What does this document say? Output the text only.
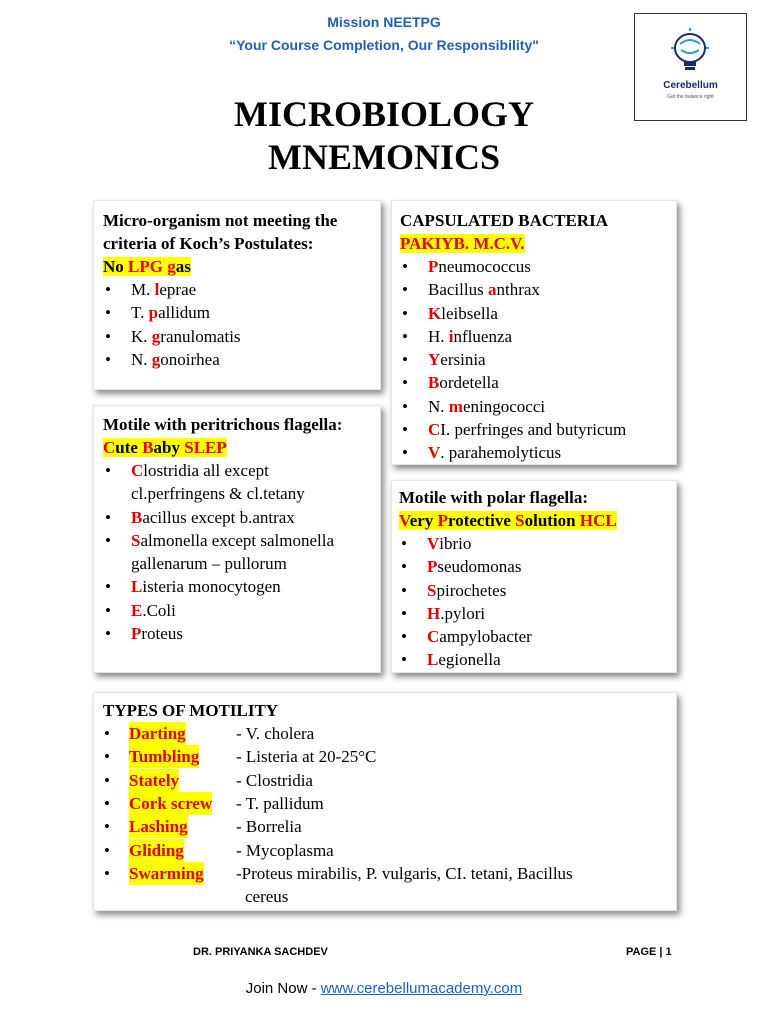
Mission NEETPG
“Your Course Completion, Our Responsibility"
Cerebellum
Get the balance right
MICROBIOLOGY
MNEMONICS
Micro-organism not meeting the
criteria of Koch’s Postulates:
No LPG gas
• M. leprae
• T. pallidum
• K. granulomatis
• N. gonoirhea
CAPSULATED BACTERIA
PAKIYB. M.C.V.
• Pneumococcus
• Bacillus anthrax
• Kleibsella
• H. influenza
• Yersinia
• Bordetella
• N. meningococci
• CI. perfringes and butyricum
• V. parahemolyticus
Motile with peritrichous flagella:
Cute Baby SLEP
• Clostridia all except
cl.perfringens & cl.tetany
• Bacillus except b.antrax
• Salmonella except salmonella
gallenarum – pullorum
• Listeria monocytogen
• E.Coli
• Proteus
Motile with polar flagella:
Very Protective Solution HCL
• Vibrio
• Pseudomonas
• Spirochetes
• H.pylori
• Campylobacter
• Legionella
TYPES OF MOTILITY
• Darting	- V. cholera
• Tumbling - Listeria at 20-25°C
• Stately	- Clostridia
• Cork screw - T. pallidum
• Lashing	- Borrelia
• Gliding	- Mycoplasma
• Swarming -Proteus mirabilis, P. vulgaris, CI. tetani, Bacillus
cereus
DR. PRIYANKA SACHDEV	PAGE | 1
Join Now - www.cerebellumacademy.com
